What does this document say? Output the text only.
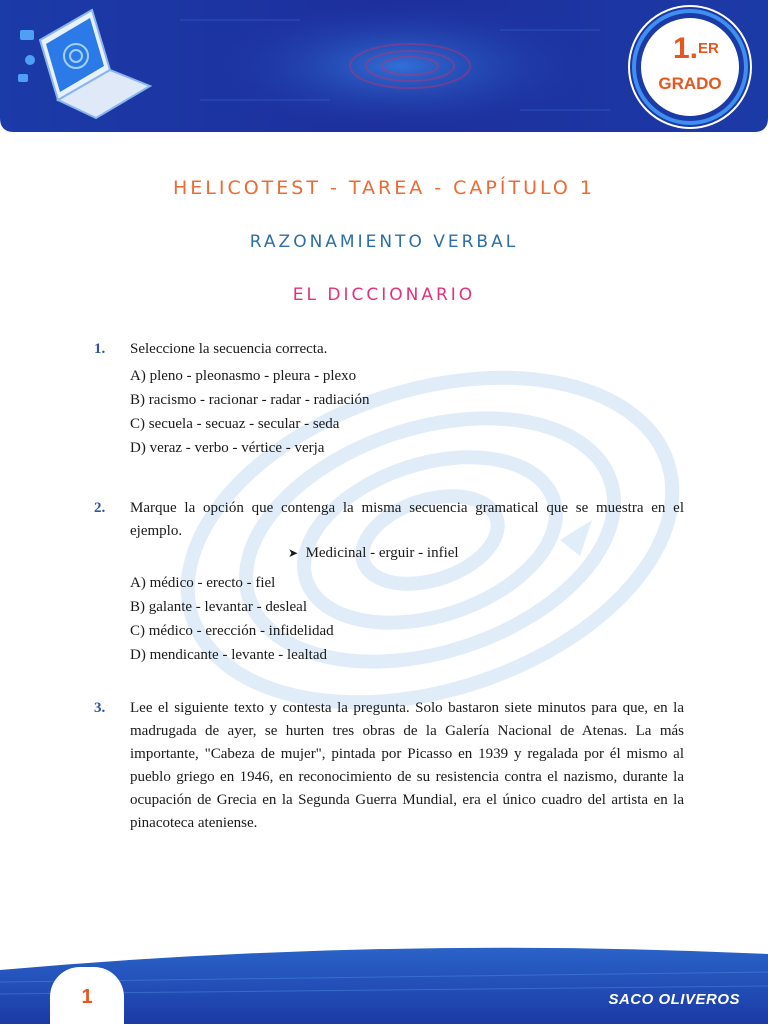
1. ER
GRADO
HELICOTEST - TAREA - CAPÍTULO 1
RAZONAMIENTO VERBAL
EL DICCIONARIO
1. Seleccione la secuencia correcta.
A) pleno - pleonasmo - pleura - plexo
B) racismo - racionar - radar - radiación
C) secuela - secuaz - secular - seda
D) veraz - verbo - vértice - verja
2. Marque la opción que contenga la misma secuencia gramatical que se muestra en el ejemplo.
➤ Medicinal - erguir - infiel
A) médico - erecto - fiel
B) galante - levantar - desleal
C) médico - erección - infidelidad
D) mendicante - levante - lealtad
3. Lee el siguiente texto y contesta la pregunta. Solo bastaron siete minutos para que, en la madrugada de ayer, se hurten tres obras de la Galería Nacional de Atenas. La más importante, "Cabeza de mujer", pintada por Picasso en 1939 y regalada por él mismo al pueblo griego en 1946, en reconocimiento de su resistencia contra el nazismo, durante la ocupación de Grecia en la Segunda Guerra Mundial, era el único cuadro del artista en la pinacoteca ateniense.
1	SACO OLIVEROS
